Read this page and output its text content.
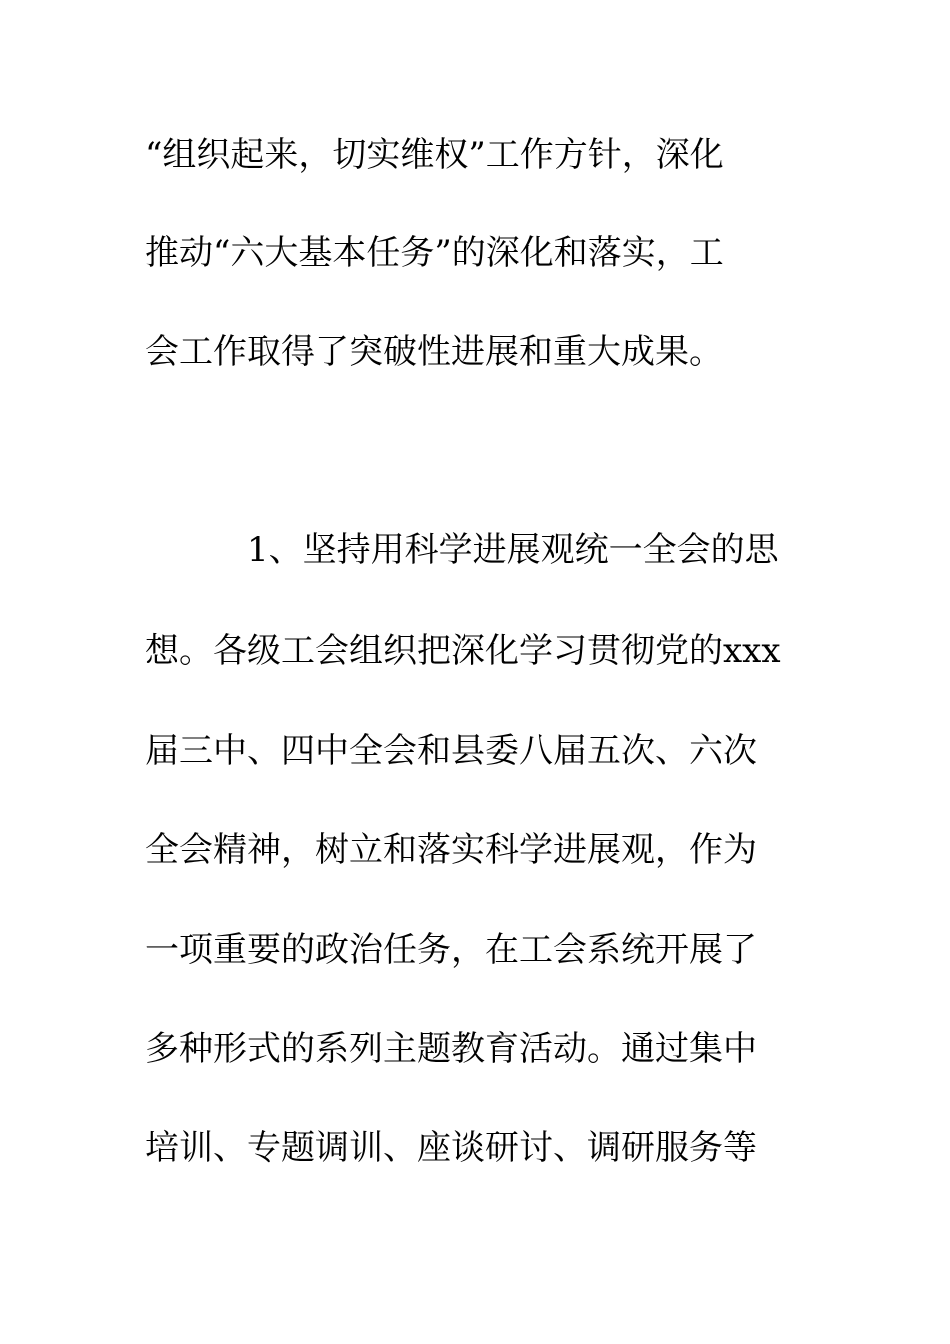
“组织起来，切实维权”工作方针，深化
推动“六大基本任务”的深化和落实，工
会工作取得了突破性进展和重大成果。
1、坚持用科学进展观统一全会的思
想。各级工会组织把深化学习贯彻党的xxx
届三中、四中全会和县委八届五次、六次
全会精神，树立和落实科学进展观，作为
一项重要的政治任务，在工会系统开展了
多种形式的系列主题教育活动。通过集中
培训、专题调训、座谈研讨、调研服务等
